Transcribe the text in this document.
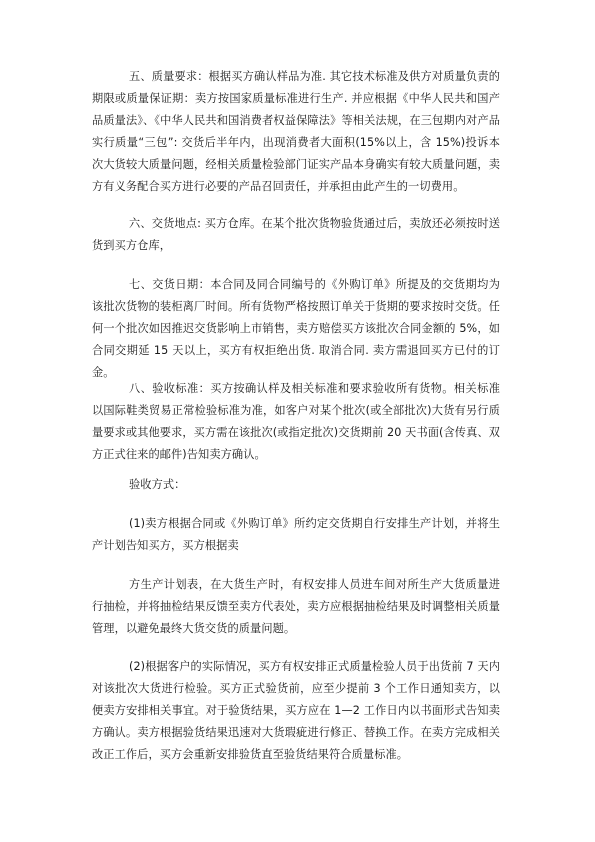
五、质量要求：根据买方确认样品为准. 其它技术标准及供方对质量负责的期限或质量保证期：卖方按国家质量标准进行生产. 并应根据《中华人民共和国产品质量法》、《中华人民共和国消费者权益保障法》等相关法规，在三包期内对产品实行质量“三包”: 交货后半年内，出现消费者大面积(15%以上，含 15%)投诉本次大货较大质量问题，经相关质量检验部门证实产品本身确实有较大质量问题，卖方有义务配合买方进行必要的产品召回责任，并承担由此产生的一切费用。
六、交货地点: 买方仓库。在某个批次货物验货通过后，卖放还必须按时送货到买方仓库，
七、交货日期：本合同及同合同编号的《外购订单》所提及的交货期均为该批次货物的装柜离厂时间。所有货物严格按照订单关于货期的要求按时交货。任何一个批次如因推迟交货影响上市销售，卖方赔偿买方该批次合同金额的 5%，如合同交期延 15 天以上，买方有权拒绝出货. 取消合同. 卖方需退回买方已付的订金。
八、验收标准：买方按确认样及相关标准和要求验收所有货物。相关标准以国际鞋类贸易正常检验标准为准，如客户对某个批次(或全部批次)大货有另行质量要求或其他要求，买方需在该批次(或指定批次)交货期前 20 天书面(含传真、双方正式往来的邮件)告知卖方确认。
验收方式：
(1)卖方根据合同或《外购订单》所约定交货期自行安排生产计划，并将生产计划告知买方，买方根据卖
方生产计划表，在大货生产时，有权安排人员进车间对所生产大货质量进行抽检，并将抽检结果反馈至卖方代表处，卖方应根据抽检结果及时调整相关质量管理，以避免最终大货交货的质量问题。
(2)根据客户的实际情况，买方有权安排正式质量检验人员于出货前 7 天内对该批次大货进行检验。买方正式验货前，应至少提前 3 个工作日通知卖方，以便卖方安排相关事宜。对于验货结果，买方应在 1—2 工作日内以书面形式告知卖方确认。卖方根据验货结果迅速对大货瑕疵进行修正、替换工作。在卖方完成相关改正工作后，买方会重新安排验货直至验货结果符合质量标准。
